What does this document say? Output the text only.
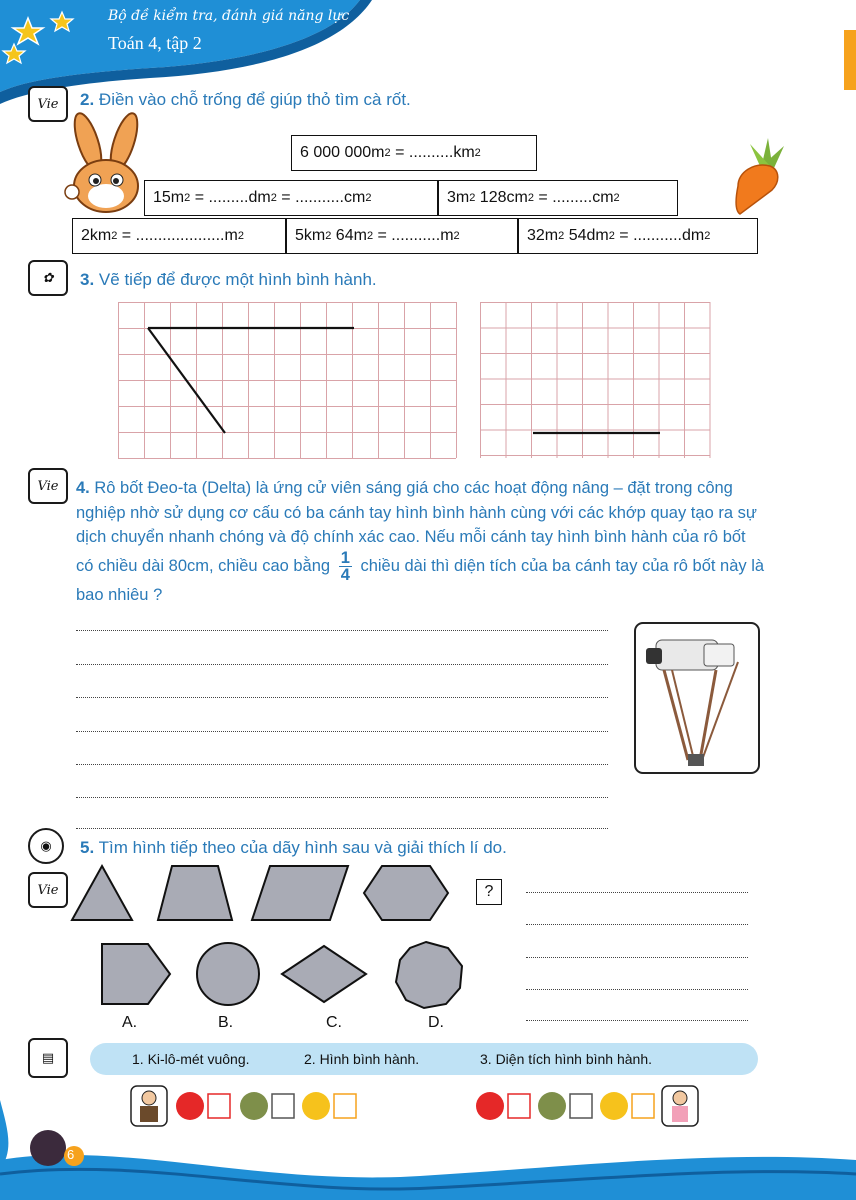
Bộ đề kiểm tra, đánh giá năng lực
Toán 4, tập 2
Vie 2. Điền vào chỗ trống để giúp thỏ tìm cà rốt.
6 000 000m 2 = ..........km 2
15m 2 = .........dm 2 = ...........cm 2	3m 2 128cm 2 = .........cm 2
2km 2 = ....................m 2	5km 2 64m 2 = ...........m 2	32m 2 54dm 2 = ...........dm 2
✿	3. Vẽ tiếp để được một hình bình hành.
Vie 4. Rô bốt Đeo-ta (Delta) là ứng cử viên sáng giá cho các hoạt động nâng – đặt trong công nghiệp nhờ sử dụng cơ cấu có ba cánh tay hình bình hành cùng với các khớp quay tạo ra sự dịch chuyển nhanh chóng và độ chính xác cao. Nếu mỗi cánh tay hình bình hành của rô bốt có chiều dài 80cm, chiều cao bằng $\frac{1}{4}$ chiều dài thì diện tích của ba cánh tay của rô bốt này là bao nhiêu ?
◉	5. Tìm hình tiếp theo của dãy hình sau và giải thích lí do.
Vie	?
A.	B.	C.	D.
▤	1. Ki-lô-mét vuông.	2. Hình bình hành.	3. Diện tích hình bình hành.
6
